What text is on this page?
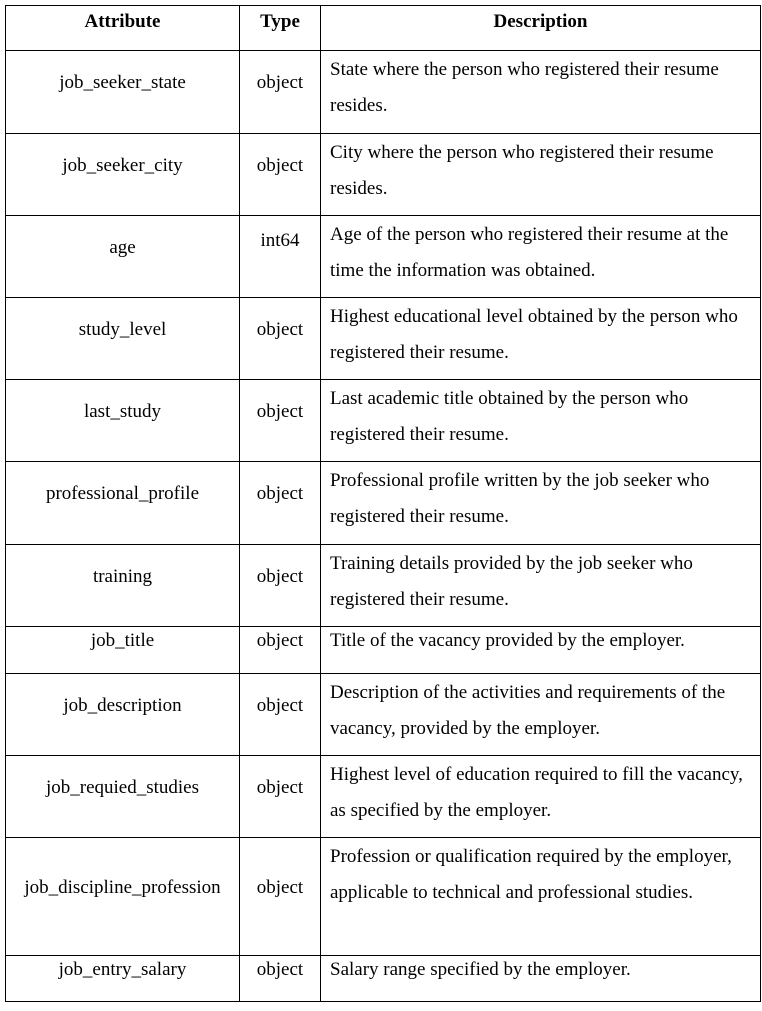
Attribute	Type	Description
job_seeker_state	object	State where the person who registered their resume resides.
job_seeker_city	object	City where the person who registered their resume resides.
age	int64	Age of the person who registered their resume at the time the information was obtained.
study_level	object	Highest educational level obtained by the person who registered their resume.
last_study	object	Last academic title obtained by the person who registered their resume.
professional_profile	object	Professional profile written by the job seeker who registered their resume.
training	object	Training details provided by the job seeker who registered their resume.
job_title	object	Title of the vacancy provided by the employer.
job_description	object	Description of the activities and requirements of the vacancy, provided by the employer.
job_requied_studies	object	Highest level of education required to fill the vacancy, as specified by the employer.
job_discipline_profession	object	Profession or qualification required by the employer, applicable to technical and professional studies.
job_entry_salary	object	Salary range specified by the employer.
